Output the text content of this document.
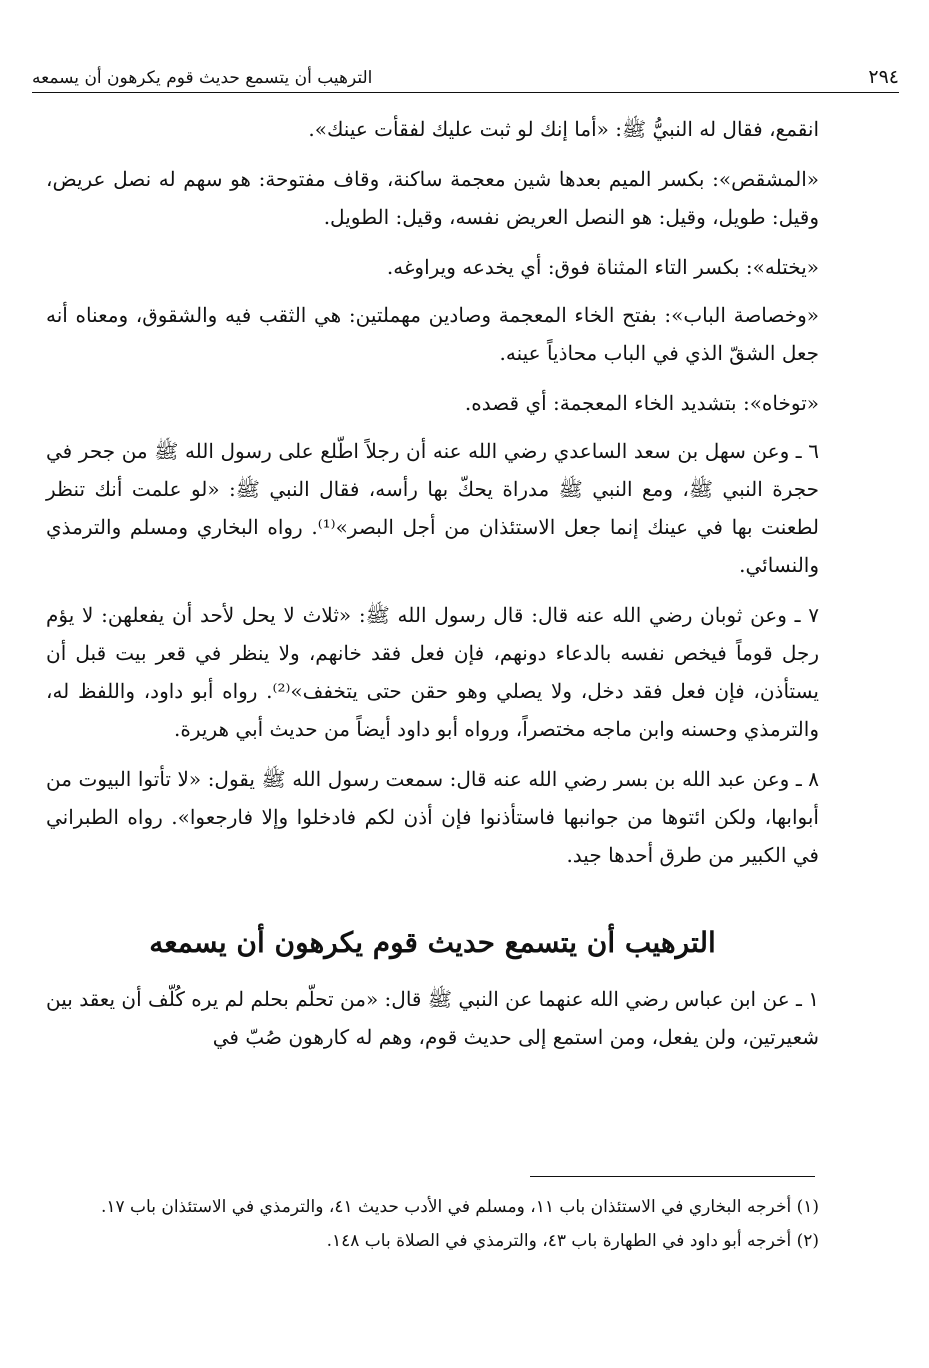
٢٩٤
الترهيب أن يتسمع حديث قوم يكرهون أن يسمعه

انقمع، فقال له النبيُّ ﷺ: «أما إنك لو ثبت عليك لفقأت عينك».

«المشقص»: بكسر الميم بعدها شين معجمة ساكنة، وقاف مفتوحة: هو سهم له نصل عريض، وقيل: طويل، وقيل: هو النصل العريض نفسه، وقيل: الطويل.

«يختله»: بكسر التاء المثناة فوق: أي يخدعه ويراوغه.

«وخصاصة الباب»: بفتح الخاء المعجمة وصادين مهملتين: هي الثقب فيه والشقوق، ومعناه أنه جعل الشقّ الذي في الباب محاذياً عينه.

«توخاه»: بتشديد الخاء المعجمة: أي قصده.

٦ ـ وعن سهل بن سعد الساعدي رضي الله عنه أن رجلاً اطّلع على رسول الله ﷺ من جحر في حجرة النبي ﷺ، ومع النبي ﷺ مدراة يحكّ بها رأسه، فقال النبي ﷺ: «لو علمت أنك تنظر لطعنت بها في عينك إنما جعل الاستئذان من أجل البصر»⁽¹⁾. رواه البخاري ومسلم والترمذي والنسائي.

٧ ـ وعن ثوبان رضي الله عنه قال: قال رسول الله ﷺ: «ثلاث لا يحل لأحد أن يفعلهن: لا يؤم رجل قوماً فيخص نفسه بالدعاء دونهم، فإن فعل فقد خانهم، ولا ينظر في قعر بيت قبل أن يستأذن، فإن فعل فقد دخل، ولا يصلي وهو حقن حتى يتخفف»⁽²⁾. رواه أبو داود، واللفظ له، والترمذي وحسنه وابن ماجه مختصراً، ورواه أبو داود أيضاً من حديث أبي هريرة.

٨ ـ وعن عبد الله بن بسر رضي الله عنه قال: سمعت رسول الله ﷺ يقول: «لا تأتوا البيوت من أبوابها، ولكن ائتوها من جوانبها فاستأذنوا فإن أذن لكم فادخلوا وإلا فارجعوا». رواه الطبراني في الكبير من طرق أحدها جيد.

الترهيب أن يتسمع حديث قوم يكرهون أن يسمعه

١ ـ عن ابن عباس رضي الله عنهما عن النبي ﷺ قال: «من تحلّم بحلم لم يره كُلّف أن يعقد بين شعيرتين، ولن يفعل، ومن استمع إلى حديث قوم، وهم له كارهون صُبّ في

(١) أخرجه البخاري في الاستئذان باب ١١، ومسلم في الأدب حديث ٤١، والترمذي في الاستئذان باب ١٧.

(٢) أخرجه أبو داود في الطهارة باب ٤٣، والترمذي في الصلاة باب ١٤٨.
